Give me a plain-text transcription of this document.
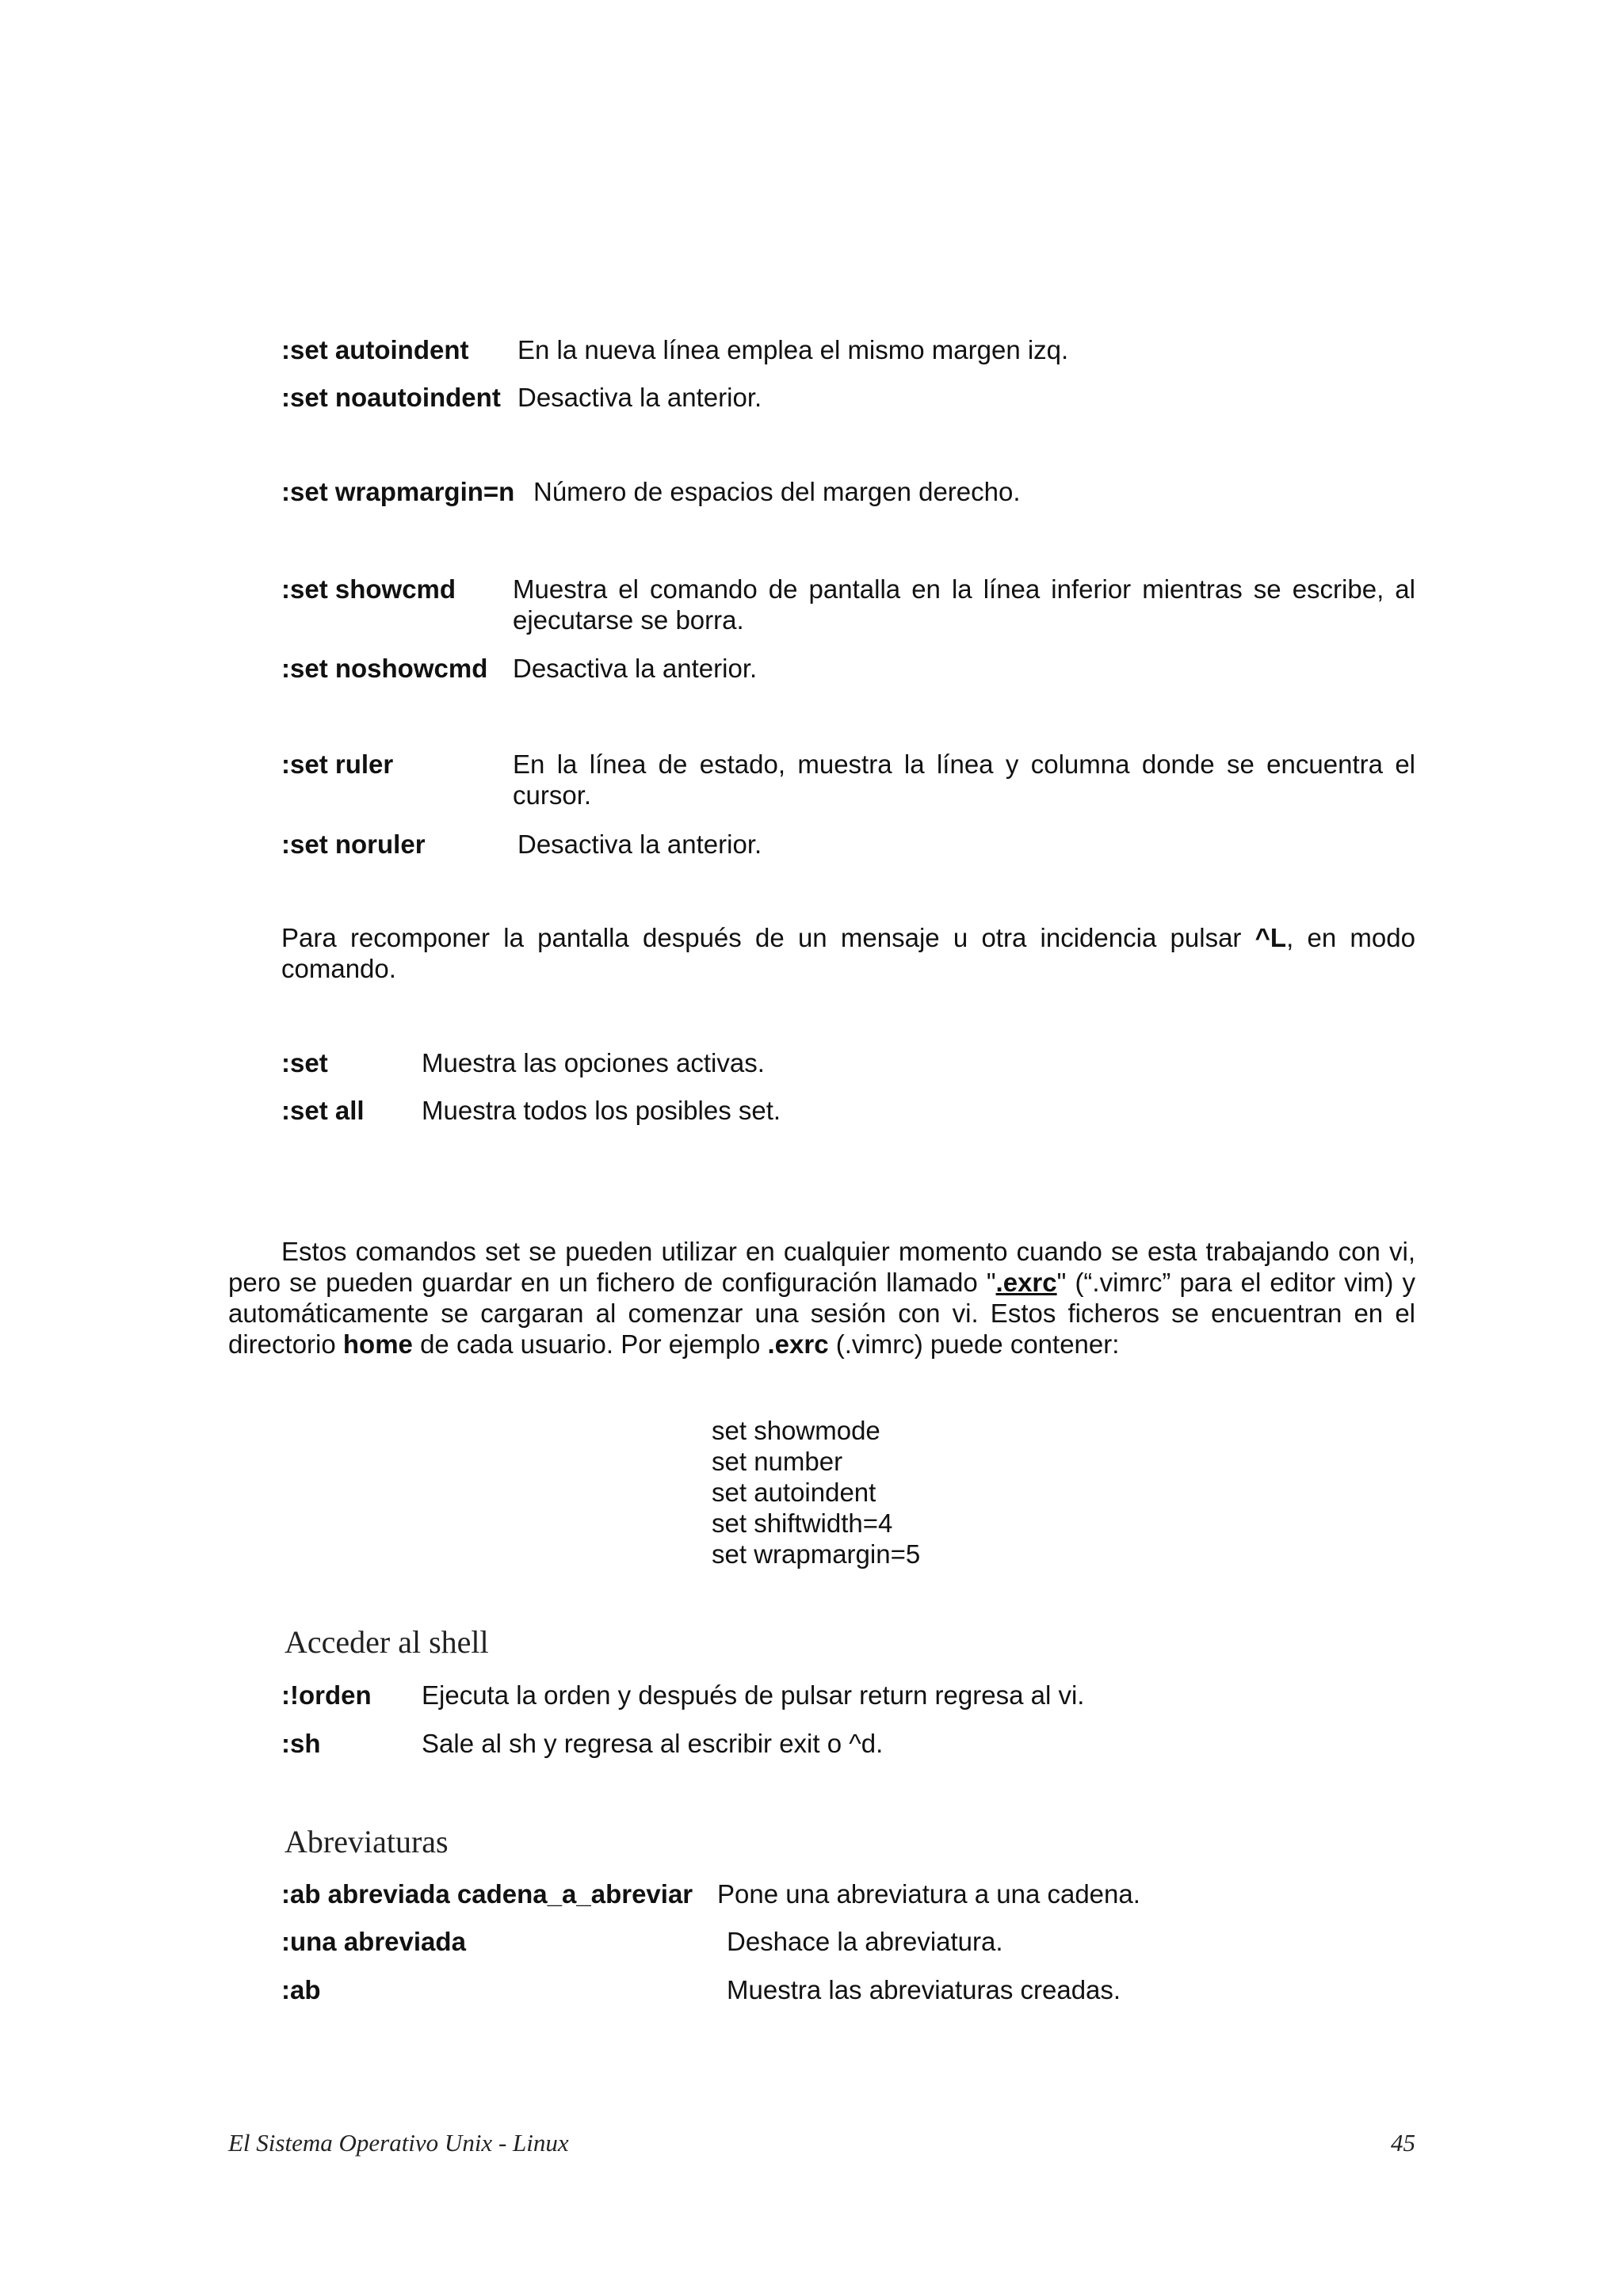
:set autoindent En la nueva línea emplea el mismo margen izq.
:set noautoindent Desactiva la anterior.
:set wrapmargin=n Número de espacios del margen derecho.
:set showcmd Muestra el comando de pantalla en la línea inferior mientras se escribe, al ejecutarse se borra.
:set noshowcmd Desactiva la anterior.
:set ruler	En la línea de estado, muestra la línea y columna donde se encuentra el cursor.
:set noruler	Desactiva la anterior.
Para recomponer la pantalla después de un mensaje u otra incidencia pulsar ^L, en modo comando.
:set	Muestra las opciones activas.
:set all Muestra todos los posibles set.
Estos comandos set se pueden utilizar en cualquier momento cuando se esta trabajando con vi, pero se pueden guardar en un fichero de configuración llamado ".exrc" (“.vimrc” para el editor vim) y automáticamente se cargaran al comenzar una sesión con vi. Estos ficheros se encuentran en el directorio home de cada usuario. Por ejemplo .exrc (.vimrc) puede contener:
set showmode
set number
set autoindent
set shiftwidth=4
set wrapmargin=5
Acceder al shell
:!orden Ejecuta la orden y después de pulsar return regresa al vi.
:sh	Sale al sh y regresa al escribir exit o ^d.
Abreviaturas
:ab abreviada cadena_a_abreviar Pone una abreviatura a una cadena.
:una abreviada	Deshace la abreviatura.
:ab	Muestra las abreviaturas creadas.
El Sistema Operativo Unix - Linux	45
